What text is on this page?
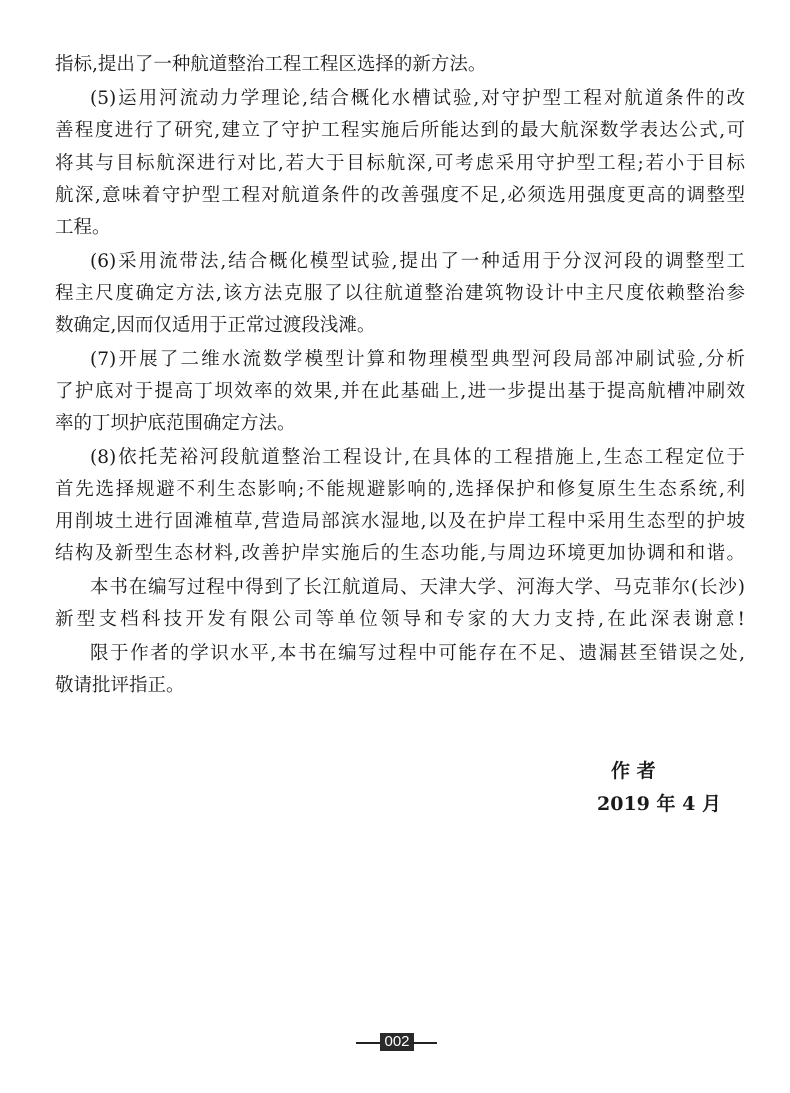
指标,提出了一种航道整治工程工程区选择的新方法。
(5)运用河流动力学理论,结合概化水槽试验,对守护型工程对航道条件的改
善程度进行了研究,建立了守护工程实施后所能达到的最大航深数学表达公式,可
将其与目标航深进行对比,若大于目标航深,可考虑采用守护型工程;若小于目标
航深,意味着守护型工程对航道条件的改善强度不足,必须选用强度更高的调整型
工程。
(6)采用流带法,结合概化模型试验,提出了一种适用于分汊河段的调整型工
程主尺度确定方法,该方法克服了以往航道整治建筑物设计中主尺度依赖整治参
数确定,因而仅适用于正常过渡段浅滩。
(7)开展了二维水流数学模型计算和物理模型典型河段局部冲刷试验,分析
了护底对于提高丁坝效率的效果,并在此基础上,进一步提出基于提高航槽冲刷效
率的丁坝护底范围确定方法。
(8)依托芜裕河段航道整治工程设计,在具体的工程措施上,生态工程定位于
首先选择规避不利生态影响;不能规避影响的,选择保护和修复原生生态系统,利
用削坡土进行固滩植草,营造局部滨水湿地,以及在护岸工程中采用生态型的护坡
结构及新型生态材料,改善护岸实施后的生态功能,与周边环境更加协调和和谐。
本书在编写过程中得到了长江航道局、天津大学、河海大学、马克菲尔(长沙)
新型支档科技开发有限公司等单位领导和专家的大力支持,在此深表谢意!
限于作者的学识水平,本书在编写过程中可能存在不足、遗漏甚至错误之处,
敬请批评指正。
作 者
2019 年 4 月
002
